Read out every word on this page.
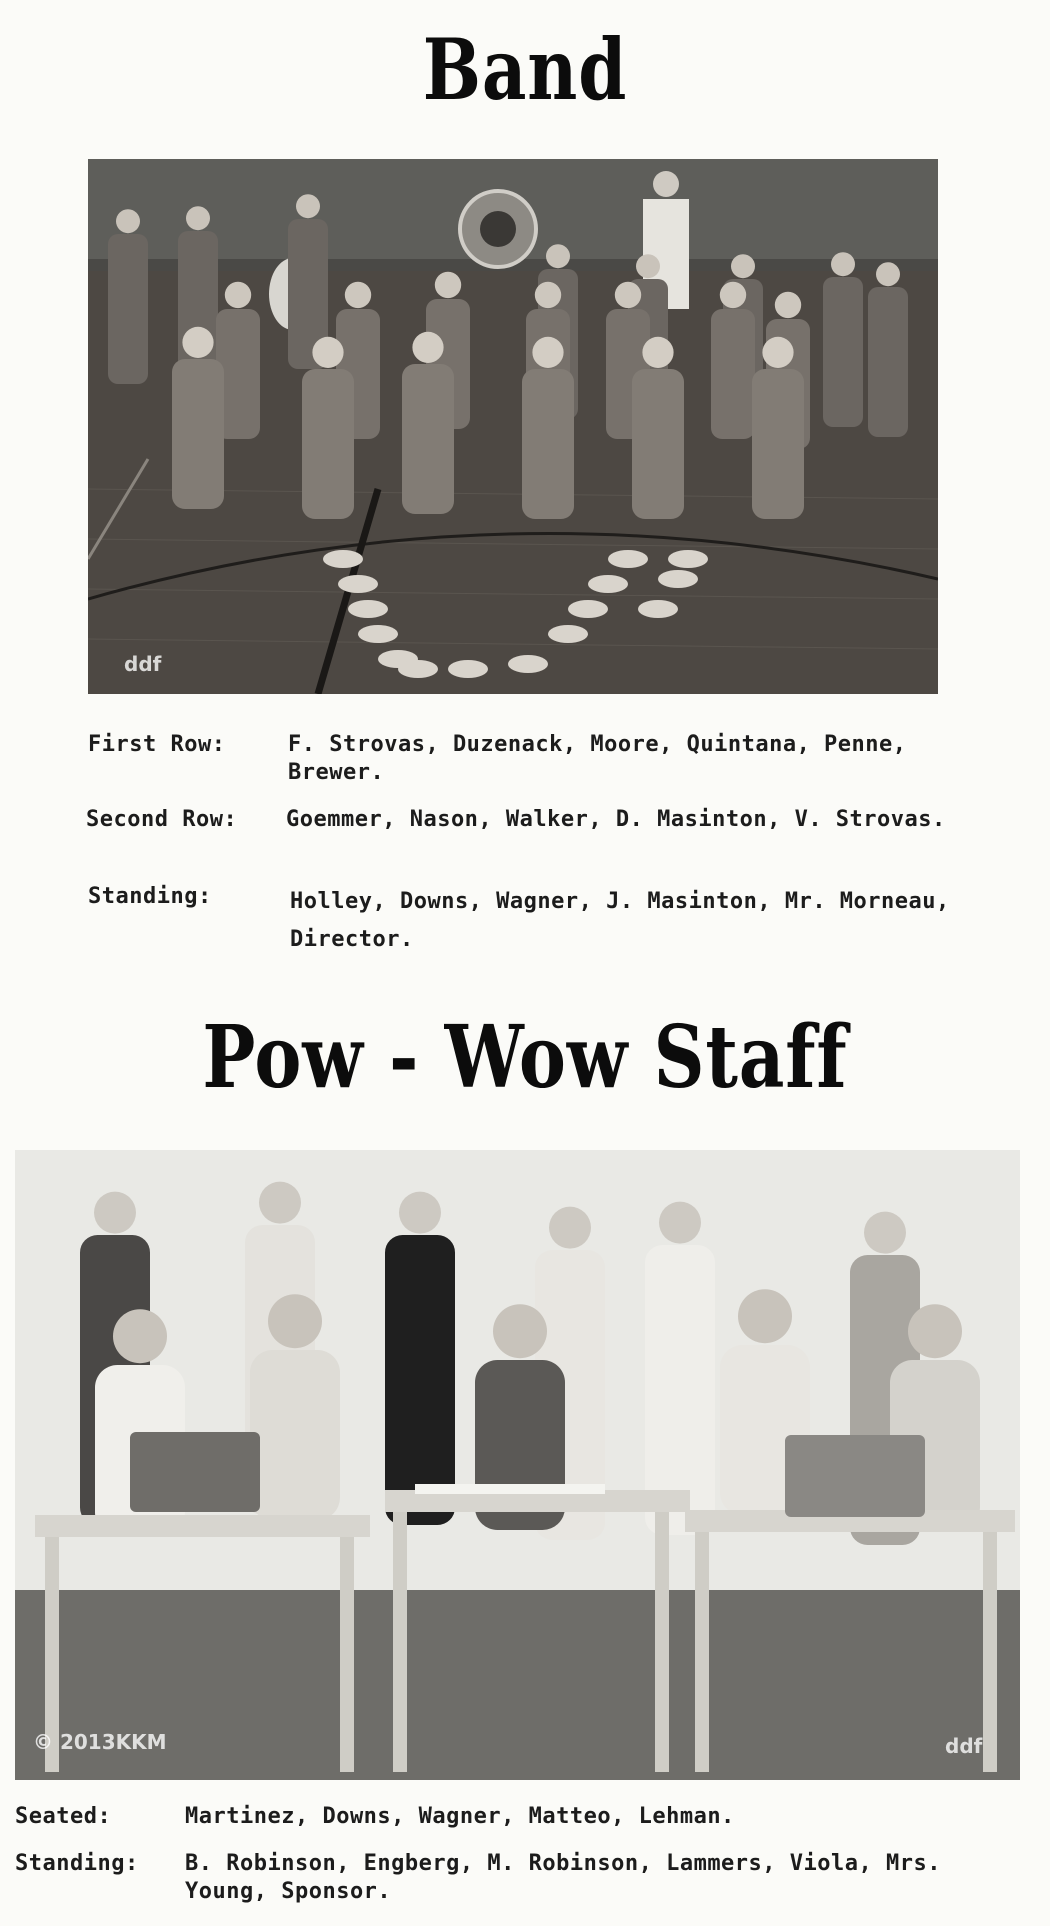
Band
ddf
First Row:	F. Strovas, Duzenack, Moore, Quintana, Penne, Brewer.
Second Row: Goemmer, Nason, Walker, D. Masinton, V. Strovas.
Standing:	Holley, Downs, Wagner, J. Masinton, Mr. Morneau, Director.
Pow - Wow Staff
© 2013KKM	ddf
Seated:	Martinez, Downs, Wagner, Matteo, Lehman.
Standing: B. Robinson, Engberg, M. Robinson, Lammers, Viola, Mrs. Young, Sponsor.
